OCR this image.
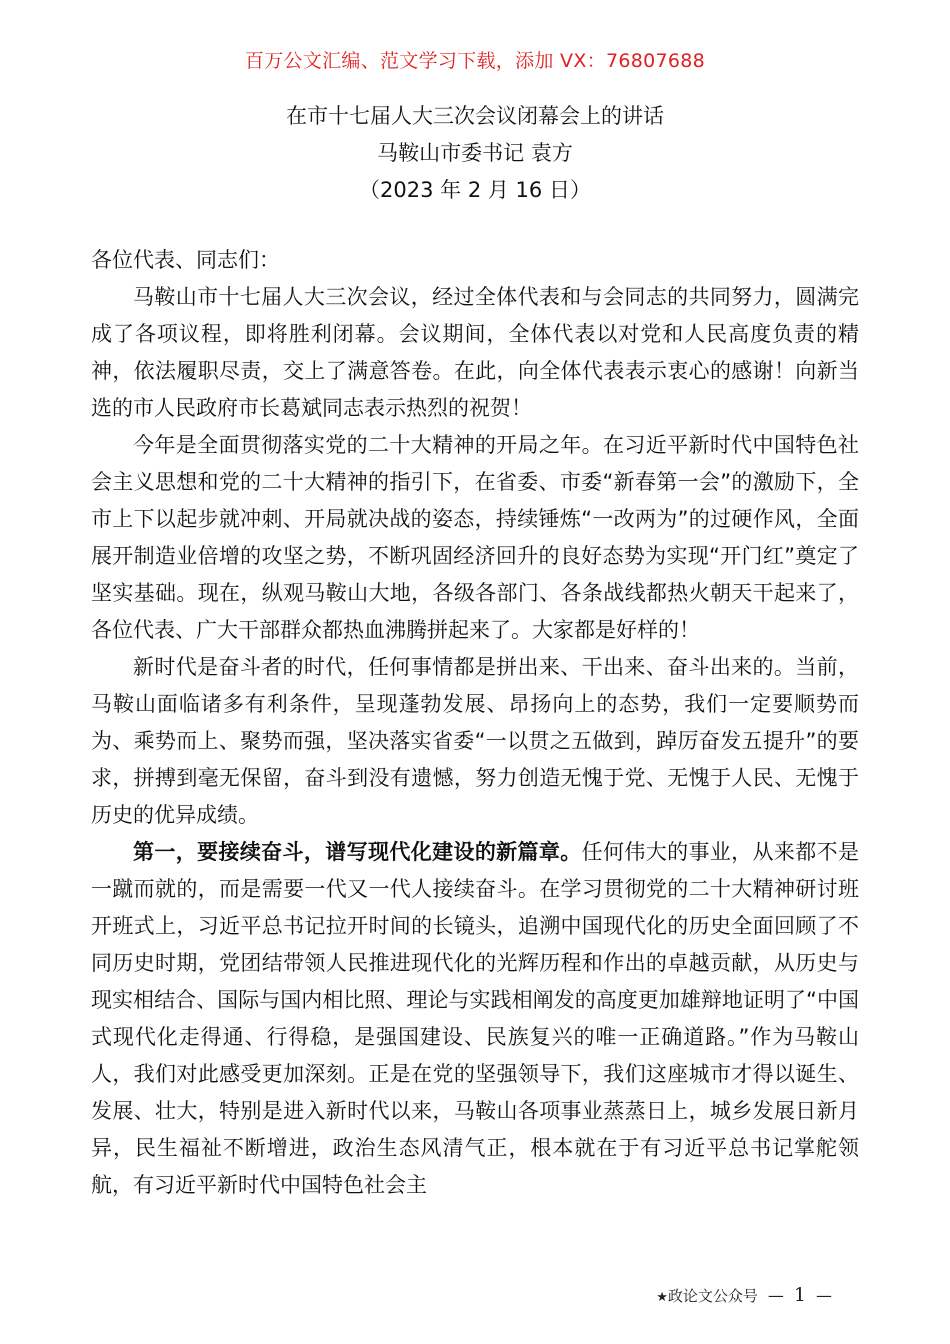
百万公文汇编、范文学习下载，添加 VX：76807688
在市十七届人大三次会议闭幕会上的讲话
马鞍山市委书记 袁方
（2023 年 2 月 16 日）

各位代表、同志们：

马鞍山市十七届人大三次会议，经过全体代表和与会同志的共同努力，圆满完成了各项议程，即将胜利闭幕。会议期间，全体代表以对党和人民高度负责的精神，依法履职尽责，交上了满意答卷。在此，向全体代表表示衷心的感谢！向新当选的市人民政府市长葛斌同志表示热烈的祝贺！

今年是全面贯彻落实党的二十大精神的开局之年。在习近平新时代中国特色社会主义思想和党的二十大精神的指引下，在省委、市委“新春第一会”的激励下，全市上下以起步就冲刺、开局就决战的姿态，持续锤炼“一改两为”的过硬作风，全面展开制造业倍增的攻坚之势，不断巩固经济回升的良好态势为实现“开门红”奠定了坚实基础。现在，纵观马鞍山大地，各级各部门、各条战线都热火朝天干起来了，各位代表、广大干部群众都热血沸腾拼起来了。大家都是好样的！

新时代是奋斗者的时代，任何事情都是拼出来、干出来、奋斗出来的。当前，马鞍山面临诸多有利条件，呈现蓬勃发展、昂扬向上的态势，我们一定要顺势而为、乘势而上、聚势而强，坚决落实省委“一以贯之五做到，踔厉奋发五提升”的要求，拼搏到毫无保留，奋斗到没有遗憾，努力创造无愧于党、无愧于人民、无愧于历史的优异成绩。

第一，要接续奋斗，谱写现代化建设的新篇章。任何伟大的事业，从来都不是一蹴而就的，而是需要一代又一代人接续奋斗。在学习贯彻党的二十大精神研讨班开班式上，习近平总书记拉开时间的长镜头，追溯中国现代化的历史全面回顾了不同历史时期，党团结带领人民推进现代化的光辉历程和作出的卓越贡献，从历史与现实相结合、国际与国内相比照、理论与实践相阐发的高度更加雄辩地证明了“中国式现代化走得通、行得稳，是强国建设、民族复兴的唯一正确道路。”作为马鞍山人，我们对此感受更加深刻。正是在党的坚强领导下，我们这座城市才得以诞生、发展、壮大，特别是进入新时代以来，马鞍山各项事业蒸蒸日上，城乡发展日新月异，民生福祉不断增进，政治生态风清气正，根本就在于有习近平总书记掌舵领航，有习近平新时代中国特色社会主

★政论文公众号 — 1 —
